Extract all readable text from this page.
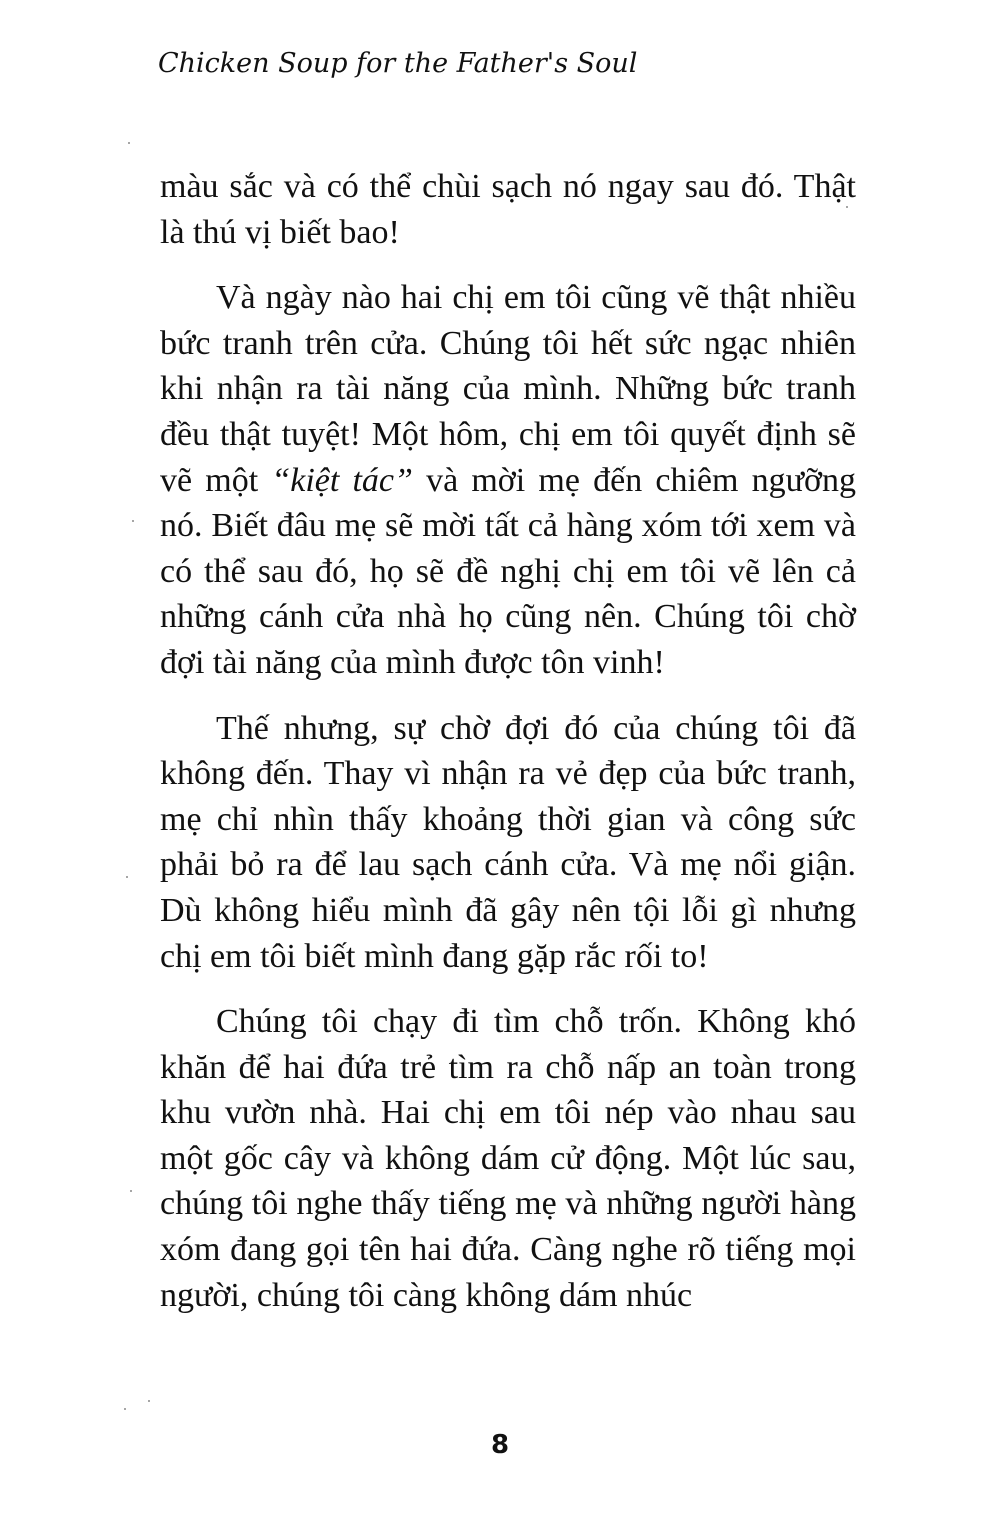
Chicken Soup for the Father's Soul

màu sắc và có thể chùi sạch nó ngay sau đó. Thật là thú vị biết bao!

Và ngày nào hai chị em tôi cũng vẽ thật nhiều bức tranh trên cửa. Chúng tôi hết sức ngạc nhiên khi nhận ra tài năng của mình. Những bức tranh đều thật tuyệt! Một hôm, chị em tôi quyết định sẽ vẽ một “kiệt tác” và mời mẹ đến chiêm ngưỡng nó. Biết đâu mẹ sẽ mời tất cả hàng xóm tới xem và có thể sau đó, họ sẽ đề nghị chị em tôi vẽ lên cả những cánh cửa nhà họ cũng nên. Chúng tôi chờ đợi tài năng của mình được tôn vinh!

Thế nhưng, sự chờ đợi đó của chúng tôi đã không đến. Thay vì nhận ra vẻ đẹp của bức tranh, mẹ chỉ nhìn thấy khoảng thời gian và công sức phải bỏ ra để lau sạch cánh cửa. Và mẹ nổi giận. Dù không hiểu mình đã gây nên tội lỗi gì nhưng chị em tôi biết mình đang gặp rắc rối to!

Chúng tôi chạy đi tìm chỗ trốn. Không khó khăn để hai đứa trẻ tìm ra chỗ nấp an toàn trong khu vườn nhà. Hai chị em tôi nép vào nhau sau một gốc cây và không dám cử động. Một lúc sau, chúng tôi nghe thấy tiếng mẹ và những người hàng xóm đang gọi tên hai đứa. Càng nghe rõ tiếng mọi người, chúng tôi càng không dám nhúc

8
